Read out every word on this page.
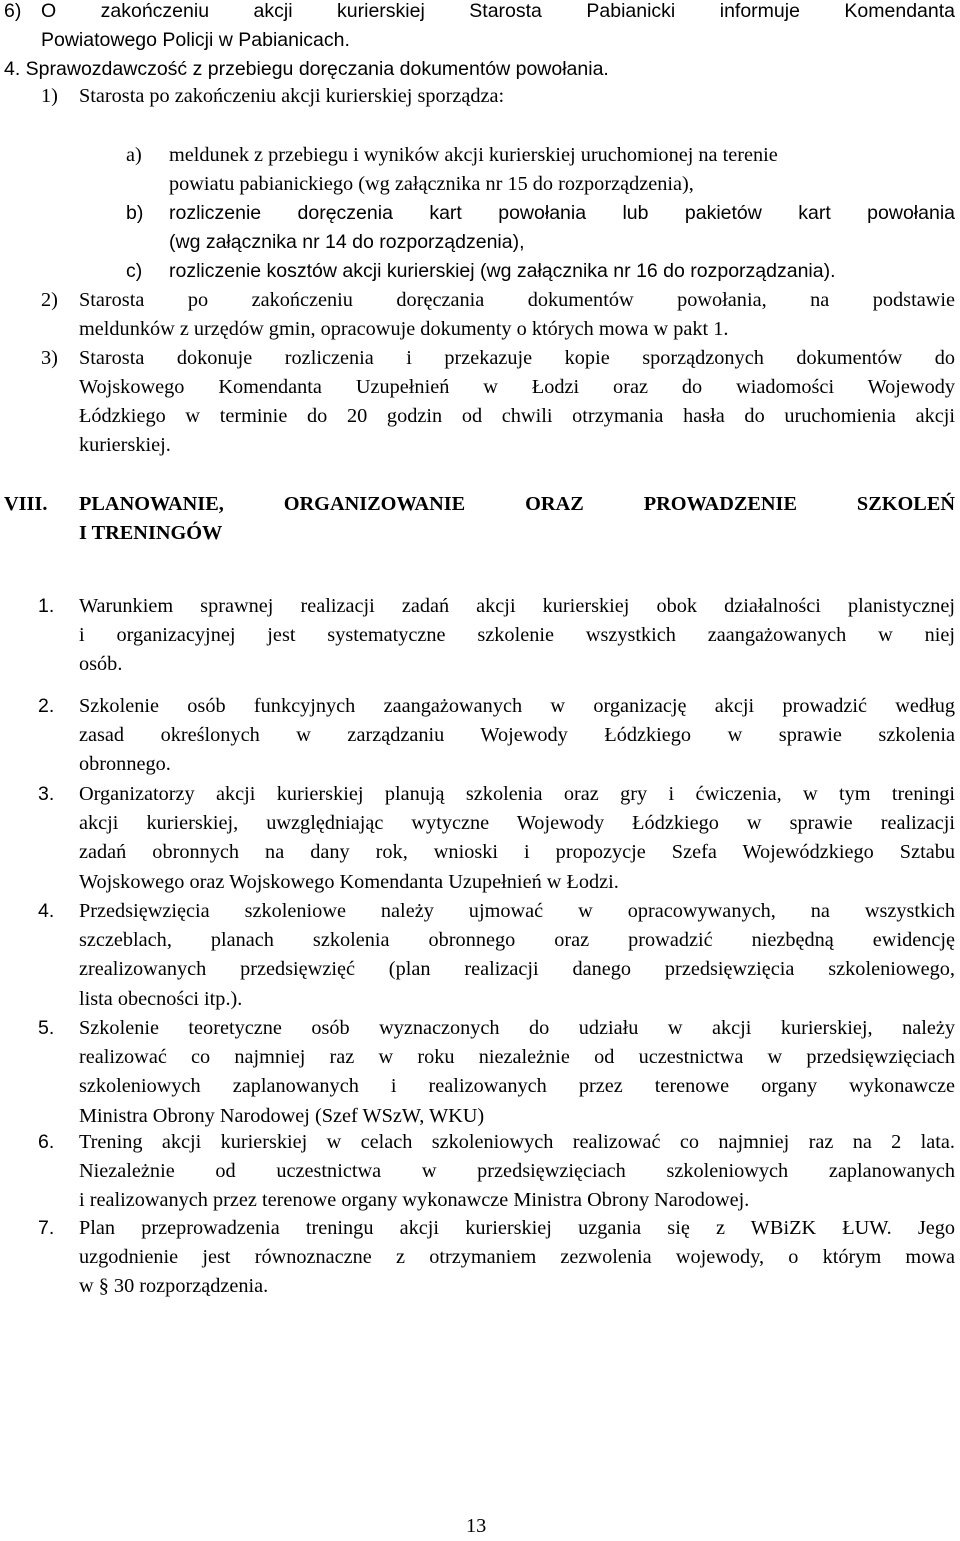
6) O zakończeniu akcji kurierskiej Starosta Pabianicki informuje Komendanta
Powiatowego Policji w Pabianicach.
4. Sprawozdawczość z przebiegu doręczania dokumentów powołania.
1) Starosta po zakończeniu akcji kurierskiej sporządza:
a) meldunek z przebiegu i wyników akcji kurierskiej uruchomionej na terenie
powiatu pabianickiego (wg załącznika nr 15 do rozporządzenia),
b) rozliczenie doręczenia kart powołania lub pakietów kart powołania
(wg załącznika nr 14 do rozporządzenia),
c) rozliczenie kosztów akcji kurierskiej (wg załącznika nr 16 do rozporządzania).
2) Starosta po zakończeniu doręczania dokumentów powołania, na podstawie
meldunków z urzędów gmin, opracowuje dokumenty o których mowa w pakt 1.
3) Starosta dokonuje rozliczenia i przekazuje kopie sporządzonych dokumentów do
Wojskowego Komendanta Uzupełnień w Łodzi oraz do wiadomości Wojewody
Łódzkiego w terminie do 20 godzin od chwili otrzymania hasła do uruchomienia akcji
kurierskiej.
VIII. PLANOWANIE, ORGANIZOWANIE ORAZ PROWADZENIE SZKOLEŃ
I TRENINGÓW
1. Warunkiem sprawnej realizacji zadań akcji kurierskiej obok działalności planistycznej
i organizacyjnej jest systematyczne szkolenie wszystkich zaangażowanych w niej
osób.
2. Szkolenie osób funkcyjnych zaangażowanych w organizację akcji prowadzić według
zasad określonych w zarządzaniu Wojewody Łódzkiego w sprawie szkolenia
obronnego.
3. Organizatorzy akcji kurierskiej planują szkolenia oraz gry i ćwiczenia, w tym treningi
akcji kurierskiej, uwzględniając wytyczne Wojewody Łódzkiego w sprawie realizacji
zadań obronnych na dany rok, wnioski i propozycje Szefa Wojewódzkiego Sztabu
Wojskowego oraz Wojskowego Komendanta Uzupełnień w Łodzi.
4. Przedsięwzięcia szkoleniowe należy ujmować w opracowywanych, na wszystkich
szczeblach, planach szkolenia obronnego oraz prowadzić niezbędną ewidencję
zrealizowanych przedsięwzięć (plan realizacji danego przedsięwzięcia szkoleniowego,
lista obecności itp.).
5. Szkolenie teoretyczne osób wyznaczonych do udziału w akcji kurierskiej, należy
realizować co najmniej raz w roku niezależnie od uczestnictwa w przedsięwzięciach
szkoleniowych zaplanowanych i realizowanych przez terenowe organy wykonawcze
Ministra Obrony Narodowej (Szef WSzW, WKU)
6. Trening akcji kurierskiej w celach szkoleniowych realizować co najmniej raz na 2 lata.
Niezależnie od uczestnictwa w przedsięwzięciach szkoleniowych zaplanowanych
i realizowanych przez terenowe organy wykonawcze Ministra Obrony Narodowej.
7. Plan przeprowadzenia treningu akcji kurierskiej uzgania się z WBiZK ŁUW. Jego
uzgodnienie jest równoznaczne z otrzymaniem zezwolenia wojewody, o którym mowa
w § 30 rozporządzenia.
13
